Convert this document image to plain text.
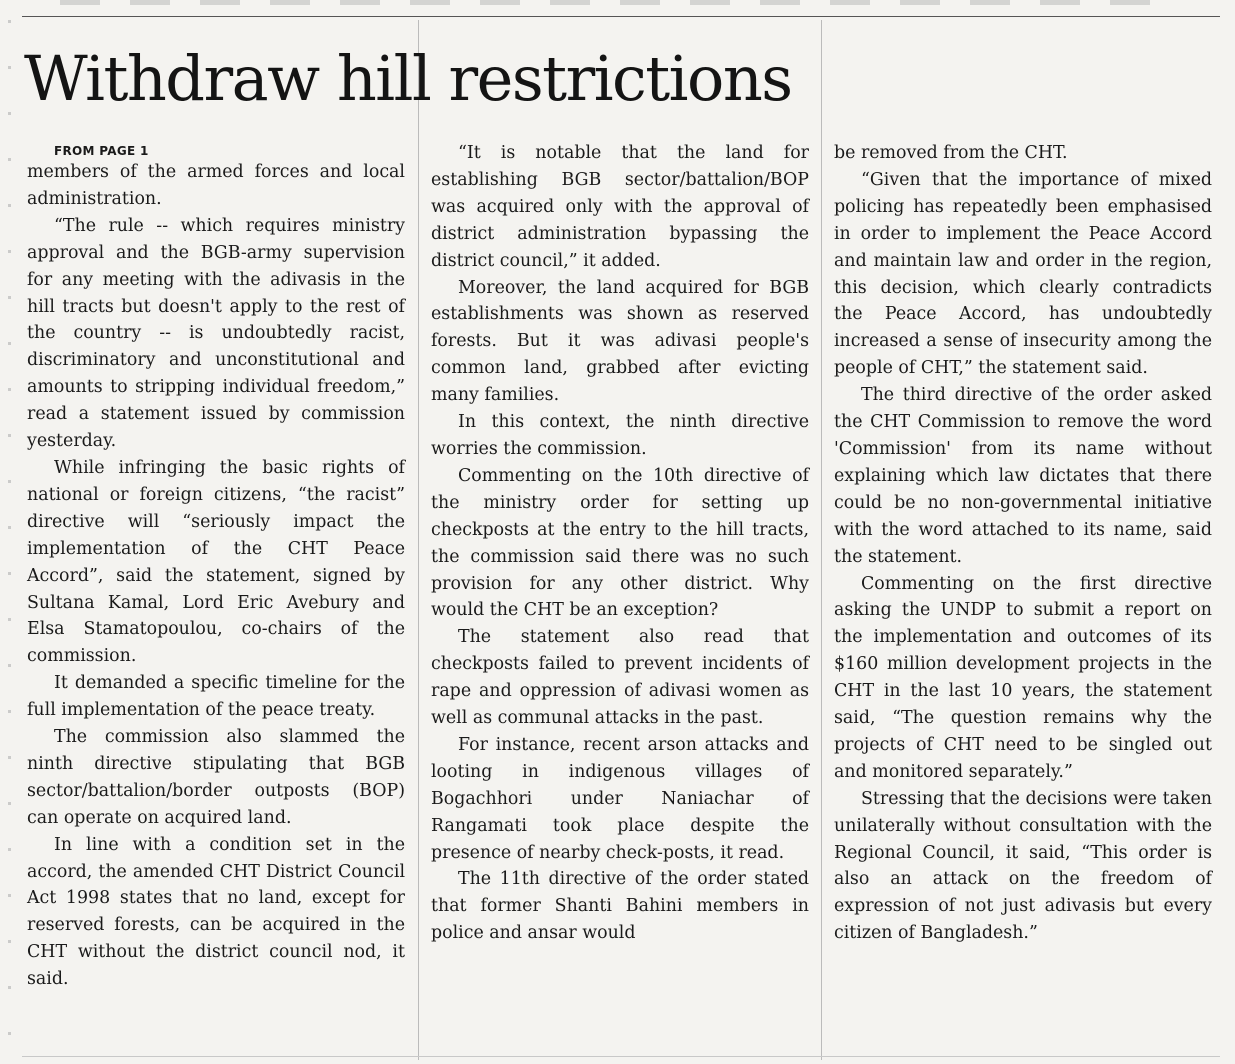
Withdraw hill restrictions

FROM PAGE 1

members of the armed forces and local administration.

“The rule -- which requires ministry approval and the BGB-army supervision for any meeting with the adivasis in the hill tracts but doesn't apply to the rest of the country -- is undoubtedly racist, discriminatory and unconstitutional and amounts to stripping individual freedom,” read a statement issued by commission yesterday.

While infringing the basic rights of national or foreign citizens, “the racist” directive will “seriously impact the implementation of the CHT Peace Accord”, said the statement, signed by Sultana Kamal, Lord Eric Avebury and Elsa Stamatopoulou, co-chairs of the commission.

It demanded a specific timeline for the full implementation of the peace treaty.

The commission also slammed the ninth directive stipulating that BGB sector/battalion/border outposts (BOP) can operate on acquired land.

In line with a condition set in the accord, the amended CHT District Council Act 1998 states that no land, except for reserved forests, can be acquired in the CHT without the district council nod, it said.

“It is notable that the land for establishing BGB sector/battalion/BOP was acquired only with the approval of district administration bypassing the district council,” it added.

Moreover, the land acquired for BGB establishments was shown as reserved forests. But it was adivasi people's common land, grabbed after evicting many families.

In this context, the ninth directive worries the commission.

Commenting on the 10th directive of the ministry order for setting up checkposts at the entry to the hill tracts, the commission said there was no such provision for any other district. Why would the CHT be an exception?

The statement also read that checkposts failed to prevent incidents of rape and oppression of adivasi women as well as communal attacks in the past.

For instance, recent arson attacks and looting in indigenous villages of Bogachhori under Naniachar of Rangamati took place despite the presence of nearby check-posts, it read.

The 11th directive of the order stated that former Shanti Bahini members in police and ansar would

be removed from the CHT.

“Given that the importance of mixed policing has repeatedly been emphasised in order to implement the Peace Accord and maintain law and order in the region, this decision, which clearly contradicts the Peace Accord, has undoubtedly increased a sense of insecurity among the people of CHT,” the statement said.

The third directive of the order asked the CHT Commission to remove the word 'Commission' from its name without explaining which law dictates that there could be no non-governmental initiative with the word attached to its name, said the statement.

Commenting on the first directive asking the UNDP to submit a report on the implementation and outcomes of its $160 million development projects in the CHT in the last 10 years, the statement said, “The question remains why the projects of CHT need to be singled out and monitored separately.”

Stressing that the decisions were taken unilaterally without consultation with the Regional Council, it said, “This order is also an attack on the freedom of expression of not just adivasis but every citizen of Bangladesh.”
